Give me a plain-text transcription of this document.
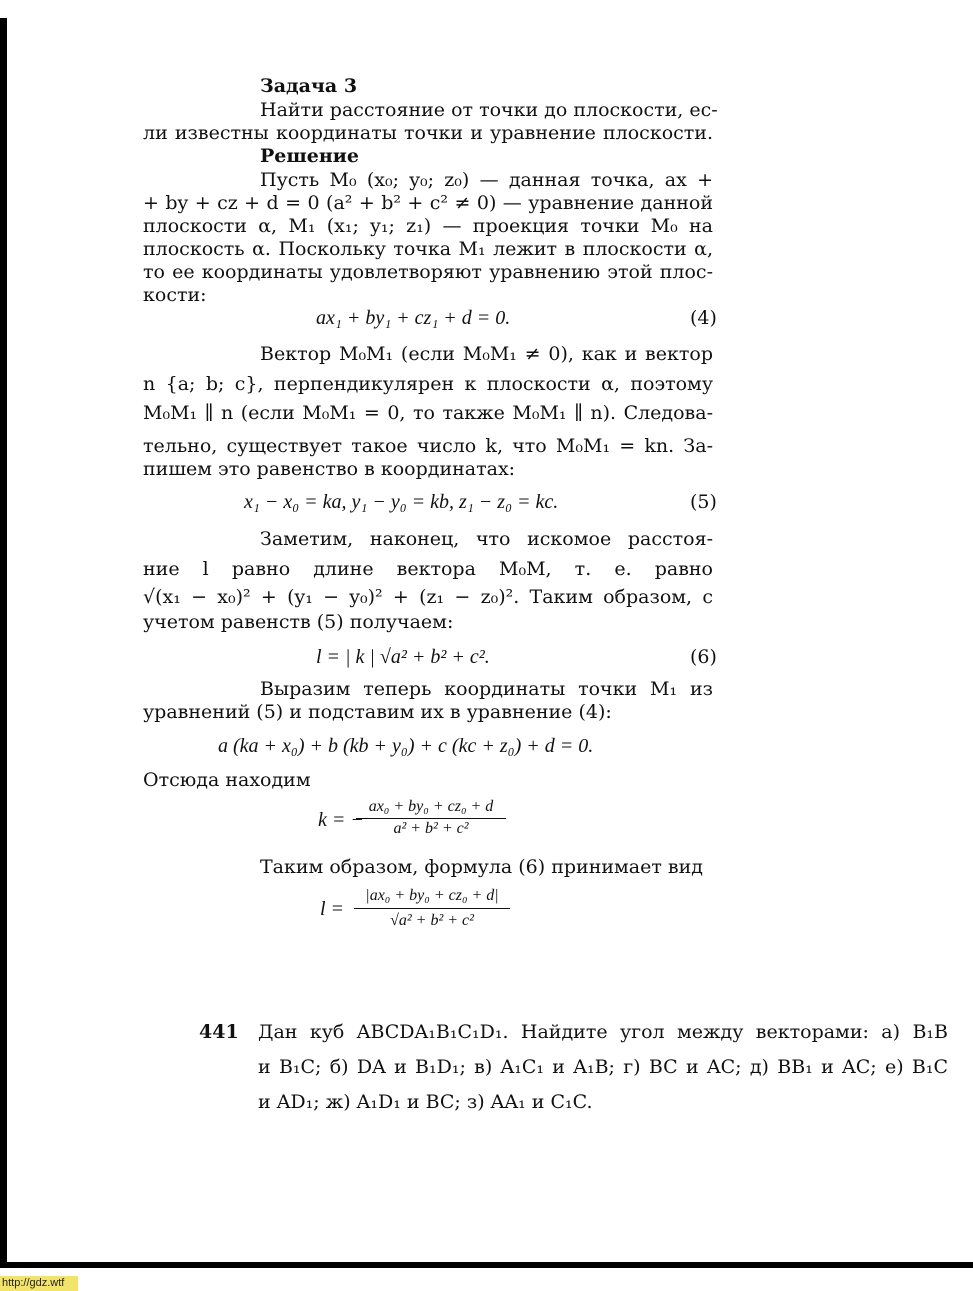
Задача 3
Найти расстояние от точки до плоскости, ес-
ли известны координаты точки и уравнение плоскости.
Решение
Пусть M₀ (x₀; y₀; z₀) — данная точка, ax +
+ by + cz + d = 0 (a² + b² + c² ≠ 0) — уравнение данной
плоскости α, M₁ (x₁; y₁; z₁) — проекция точки M₀ на
плоскость α. Поскольку точка M₁ лежит в плоскости α,
то ее координаты удовлетворяют уравнению этой плос-
кости:
ax₁ + by₁ + cz₁ + d = 0.	(4)
Вектор M₀M₁ (если M₀M₁ ≠ 0), как и вектор
n {a; b; c}, перпендикулярен к плоскости α, поэтому
M₀M₁ ∥ n (если M₀M₁ = 0, то также M₀M₁ ∥ n). Следова-
тельно, существует такое число k, что M₀M₁ = kn. За-
пишем это равенство в координатах:
x₁ − x₀ = ka, y₁ − y₀ = kb, z₁ − z₀ = kc.	(5)
Заметим, наконец, что искомое расстоя-
ние l равно длине вектора M₀M, т. е. равно
√(x₁ − x₀)² + (y₁ − y₀)² + (z₁ − z₀)². Таким образом, с
учетом равенств (5) получаем:
l = | k | √a² + b² + c².	(6)
Выразим теперь координаты точки M₁ из
уравнений (5) и подставим их в уравнение (4):
a (ka + x₀) + b (kb + y₀) + c (kc + z₀) + d = 0.
Отсюда находим
k = −
ax₀ + by₀ + cz₀ + d
a² + b² + c²
Таким образом, формула (6) принимает вид
l =
|ax₀ + by₀ + cz₀ + d|
√a² + b² + c²
441 Дан куб ABCDA₁B₁C₁D₁. Найдите угол между векторами: а) B₁B
и B₁C; б) DA и B₁D₁; в) A₁C₁ и A₁B; г) BC и AC; д) BB₁ и AC; е) B₁C
и AD₁; ж) A₁D₁ и BC; з) AA₁ и C₁C.
http://gdz.wtf
